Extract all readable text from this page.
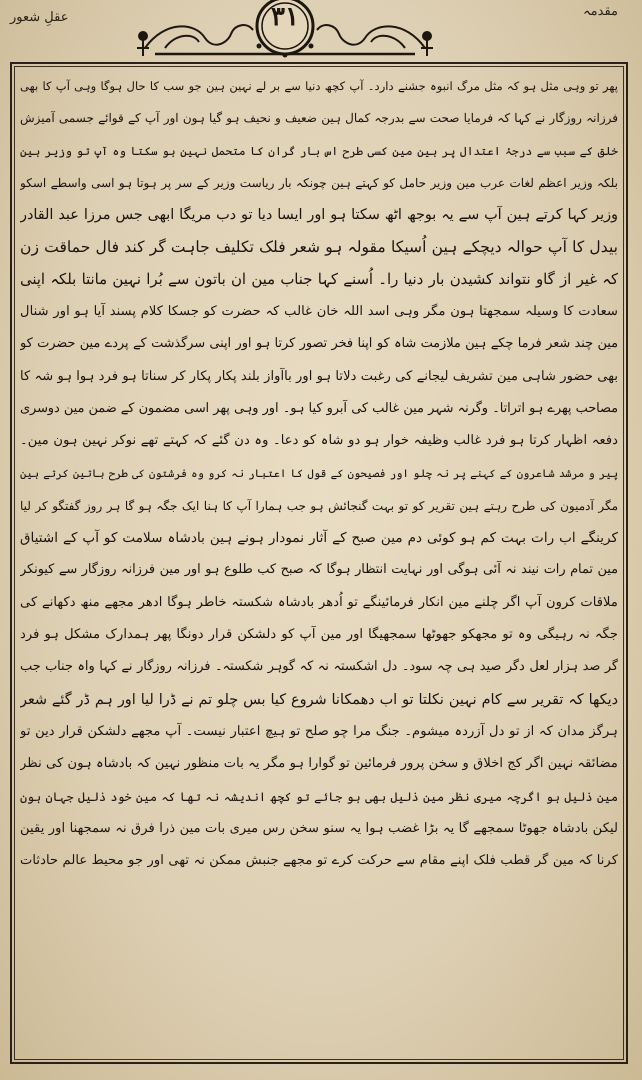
مقدمہ
عقلِ شعور	۳۱
پھر تو وہی مثل ہو کہ مثل مرگ انبوہ جشنے دارد۔ آپ کچھ دنیا سے بر لے نہین ہین جو سب کا حال ہوگا وہی آپ کا بھی
فرزانہ روزگار نے کہا کہ فرمایا صحت سے بدرجہ کمال ہین ضعیف و نحیف ہو گیا ہون اور آپ کے قوائے جسمی آمیزش
خلق کے سبب سے درجۂ اعتدال پر ہین مین کسی طرح اس بار گران کا متحمل نہین ہو سکتا وہ آپ تو وزیر ہین
بلکہ وزیر اعظم لغات عرب مین وزیر حامل کو کہتے ہین چونکہ بار ریاست وزیر کے سر پر ہوتا ہو اسی واسطے اسکو
وزیر کہا کرتے ہین آپ سے یہ بوجھ اٹھ سکتا ہو اور ایسا دیا تو دب مریگا ابھی جس مرزا عبد القادر
بیدل کا آپ حوالہ دیچکے ہین اُسیکا مقولہ ہو شعر فلک تکلیف جاہت گر کند فال حماقت زن
کہ غیر از گاو نتواند کشیدن بار دنیا را۔ اُسنے کہا جناب مین ان باتون سے بُرا نہین مانتا بلکہ اپنی
سعادت کا وسیلہ سمجھتا ہون مگر وہی اسد اللہ خان غالب کہ حضرت کو جسکا کلام پسند آیا ہو اور شنال
مین چند شعر فرما چکے ہین ملازمت شاہ کو اپنا فخر تصور کرتا ہو اور اپنی سرگذشت کے پردے مین حضرت کو
بھی حضور شاہی مین تشریف لیجانے کی رغبت دلاتا ہو اور باآواز بلند پکار پکار کر سناتا ہو فرد ہوا ہو شہ کا
مصاحب پھرے ہو اتراتا۔ وگرنہ شہر مین غالب کی آبرو کیا ہو۔ اور وہی پھر اسی مضمون کے ضمن مین دوسری
دفعہ اظہار کرتا ہو فرد غالب وظیفہ خوار ہو دو شاہ کو دعا۔ وہ دن گئے کہ کہتے تھے نوکر نہین ہون مین۔
پیر و مرشد شاعرون کے کہنے پر نہ چلو اور فصیحون کے قول کا اعتبار نہ کرو وہ فرشتون کی طرح باتین کرتے ہین
مگر آدمیون کی طرح رہتے ہین تقریر کو تو بہت گنجائش ہو جب ہمارا آپ کا ہنا ایک جگہ ہو گا ہر روز گفتگو کر لیا
کرینگے اب رات بہت کم ہو کوئی دم مین صبح کے آثار نمودار ہونے ہین بادشاہ سلامت کو آپ کے اشتیاق
مین تمام رات نیند نہ آئی ہوگی اور نہایت انتظار ہوگا کہ صبح کب طلوع ہو اور مین فرزانہ روزگار سے کیونکر
ملاقات کرون آپ اگر چلنے مین انکار فرمائینگے تو اُدھر بادشاہ شکستہ خاطر ہوگا ادھر مجھے منھ دکھانے کی
جگہ نہ رہیگی وہ تو مجھکو جھوٹھا سمجھیگا اور مین آپ کو دلشکن قرار دونگا پھر ہمدارک مشکل ہو فرد
گر صد ہزار لعل دگر صید ہی چہ سود۔ دل اشکستہ نہ کہ گوہر شکستہ۔ فرزانہ روزگار نے کہا واہ جناب جب
دیکھا کہ تقریر سے کام نہین نکلتا تو اب دھمکانا شروع کیا بس چلو تم نے ڈرا لیا اور ہم ڈر گئے شعر
ہرگز مدان کہ از تو دل آزردہ میشوم۔ جنگ مرا چو صلح تو ہیچ اعتبار نیست۔ آپ مجھے دلشکن قرار دین تو
مضائقہ نہین اگر کج اخلاق و سخن پرور فرمائین تو گوارا ہو مگر یہ بات منظور نہین کہ بادشاہ ہون کی نظر
مین ذلیل ہو اگرچہ میری نظر مین ذلیل بھی ہو جائے تو کچھ اندیشہ نہ تھا کہ مین خود ذلیل جہان ہون
لیکن بادشاہ جھوٹا سمجھے گا یہ بڑا غضب ہوا یہ سنو سخن رس میری بات مین ذرا فرق نہ سمجھنا اور یقین
کرنا کہ مین گر قطب فلک اپنے مقام سے حرکت کرے تو مجھے جنبش ممکن نہ تھی اور جو محیط عالم حادثات
